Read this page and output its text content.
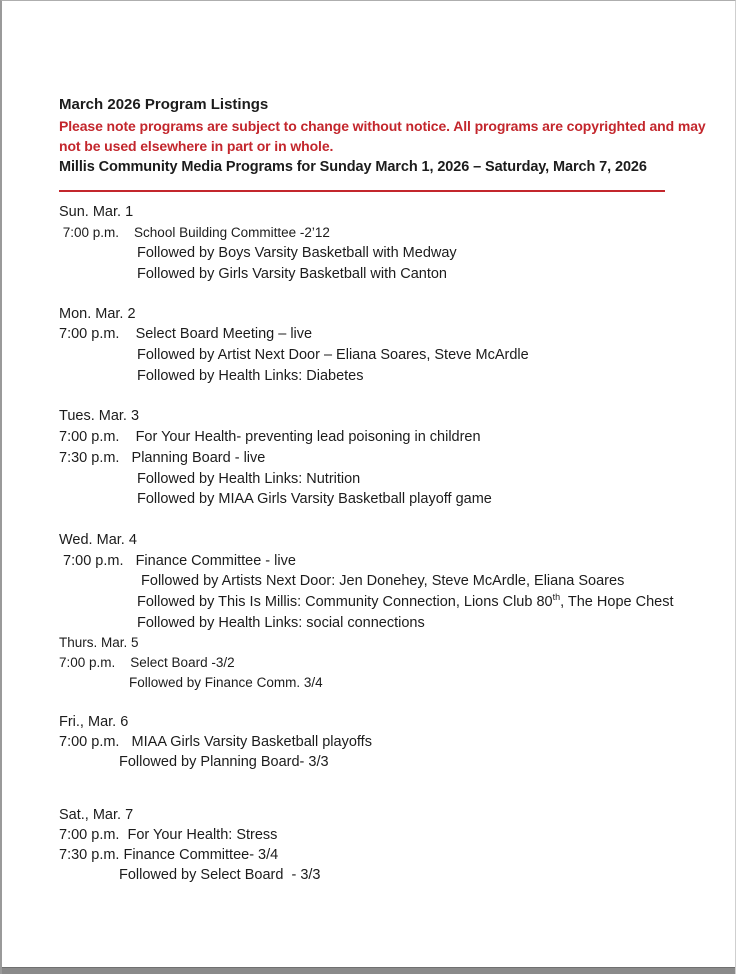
March 2026 Program Listings
Please note programs are subject to change without notice. All programs are copyrighted and may
not be used elsewhere in part or in whole.
Millis Community Media Programs for Sunday March 1, 2026 – Saturday, March 7, 2026
Sun. Mar. 1
7:00 p.m.    School Building Committee -2’12
Followed by Boys Varsity Basketball with Medway
Followed by Girls Varsity Basketball with Canton
Mon. Mar. 2
7:00 p.m.    Select Board Meeting – live
Followed by Artist Next Door – Eliana Soares, Steve McArdle
Followed by Health Links: Diabetes
Tues. Mar. 3
7:00 p.m.    For Your Health- preventing lead poisoning in children
7:30 p.m.   Planning Board - live
Followed by Health Links: Nutrition
Followed by MIAA Girls Varsity Basketball playoff game
Wed. Mar. 4
7:00 p.m.   Finance Committee - live
Followed by Artists Next Door: Jen Donehey, Steve McArdle, Eliana Soares
Followed by This Is Millis: Community Connection, Lions Club 80th, The Hope Chest
Followed by Health Links: social connections
Thurs. Mar. 5
7:00 p.m.    Select Board -3/2
Followed by Finance Comm. 3/4
Fri., Mar. 6
7:00 p.m.   MIAA Girls Varsity Basketball playoffs
Followed by Planning Board- 3/3
Sat., Mar. 7
7:00 p.m.  For Your Health: Stress
7:30 p.m. Finance Committee- 3/4
Followed by Select Board  - 3/3
